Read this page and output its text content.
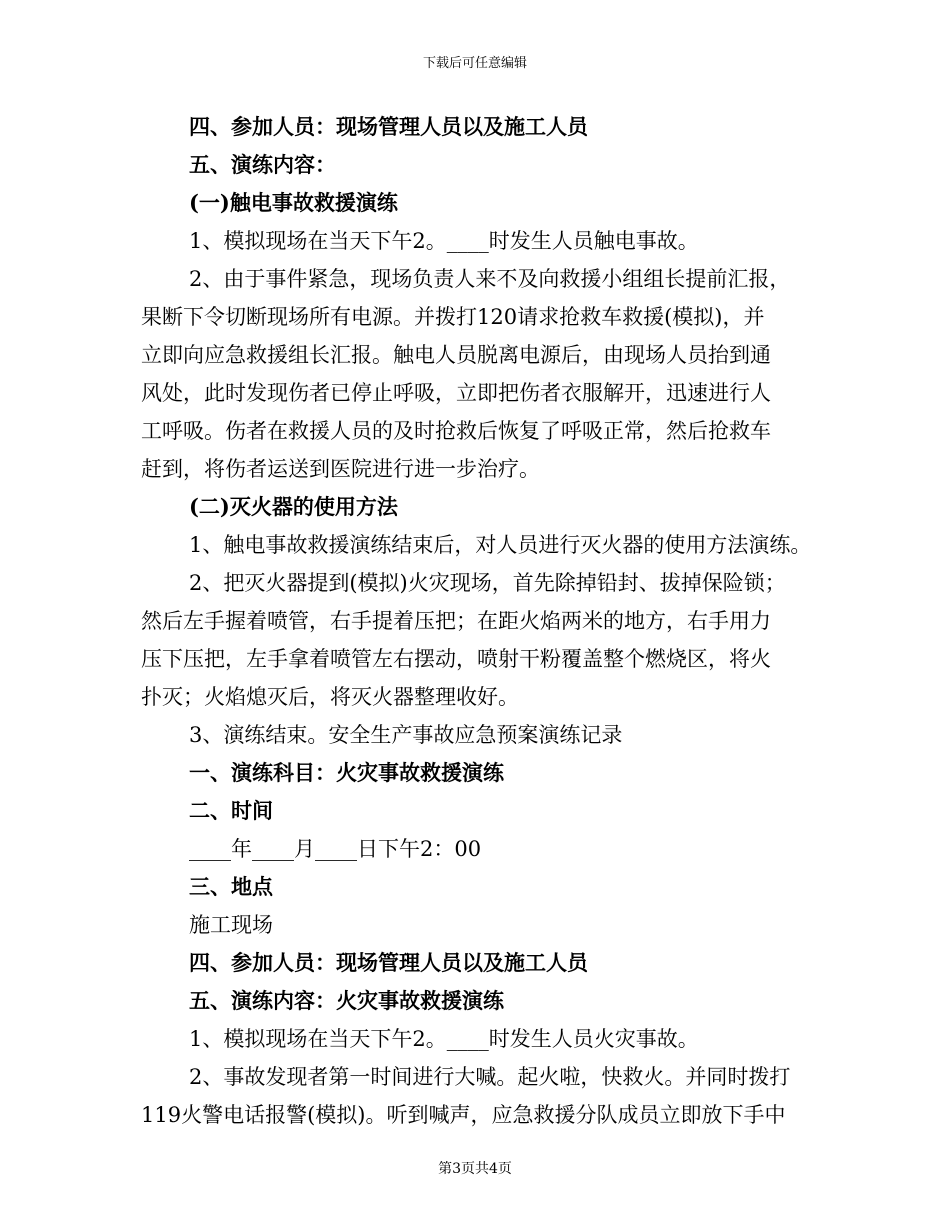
下载后可任意编辑
四、参加人员：现场管理人员以及施工人员
五、演练内容：
(一)触电事故救援演练
1、模拟现场在当天下午2。____时发生人员触电事故。
2、由于事件紧急，现场负责人来不及向救援小组组长提前汇报，
果断下令切断现场所有电源。并拨打120请求抢救车救援(模拟)，并
立即向应急救援组长汇报。触电人员脱离电源后，由现场人员抬到通
风处，此时发现伤者已停止呼吸，立即把伤者衣服解开，迅速进行人
工呼吸。伤者在救援人员的及时抢救后恢复了呼吸正常，然后抢救车
赶到，将伤者运送到医院进行进一步治疗。
(二)灭火器的使用方法
1、触电事故救援演练结束后，对人员进行灭火器的使用方法演练。
2、把灭火器提到(模拟)火灾现场，首先除掉铅封、拔掉保险锁；
然后左手握着喷管，右手提着压把；在距火焰两米的地方，右手用力
压下压把，左手拿着喷管左右摆动，喷射干粉覆盖整个燃烧区，将火
扑灭；火焰熄灭后，将灭火器整理收好。
3、演练结束。安全生产事故应急预案演练记录
一、演练科目：火灾事故救援演练
二、时间
____年____月____日下午2：00
三、地点
施工现场
四、参加人员：现场管理人员以及施工人员
五、演练内容：火灾事故救援演练
1、模拟现场在当天下午2。____时发生人员火灾事故。
2、事故发现者第一时间进行大喊。起火啦，快救火。并同时拨打
119火警电话报警(模拟)。听到喊声，应急救援分队成员立即放下手中
第3页共4页
